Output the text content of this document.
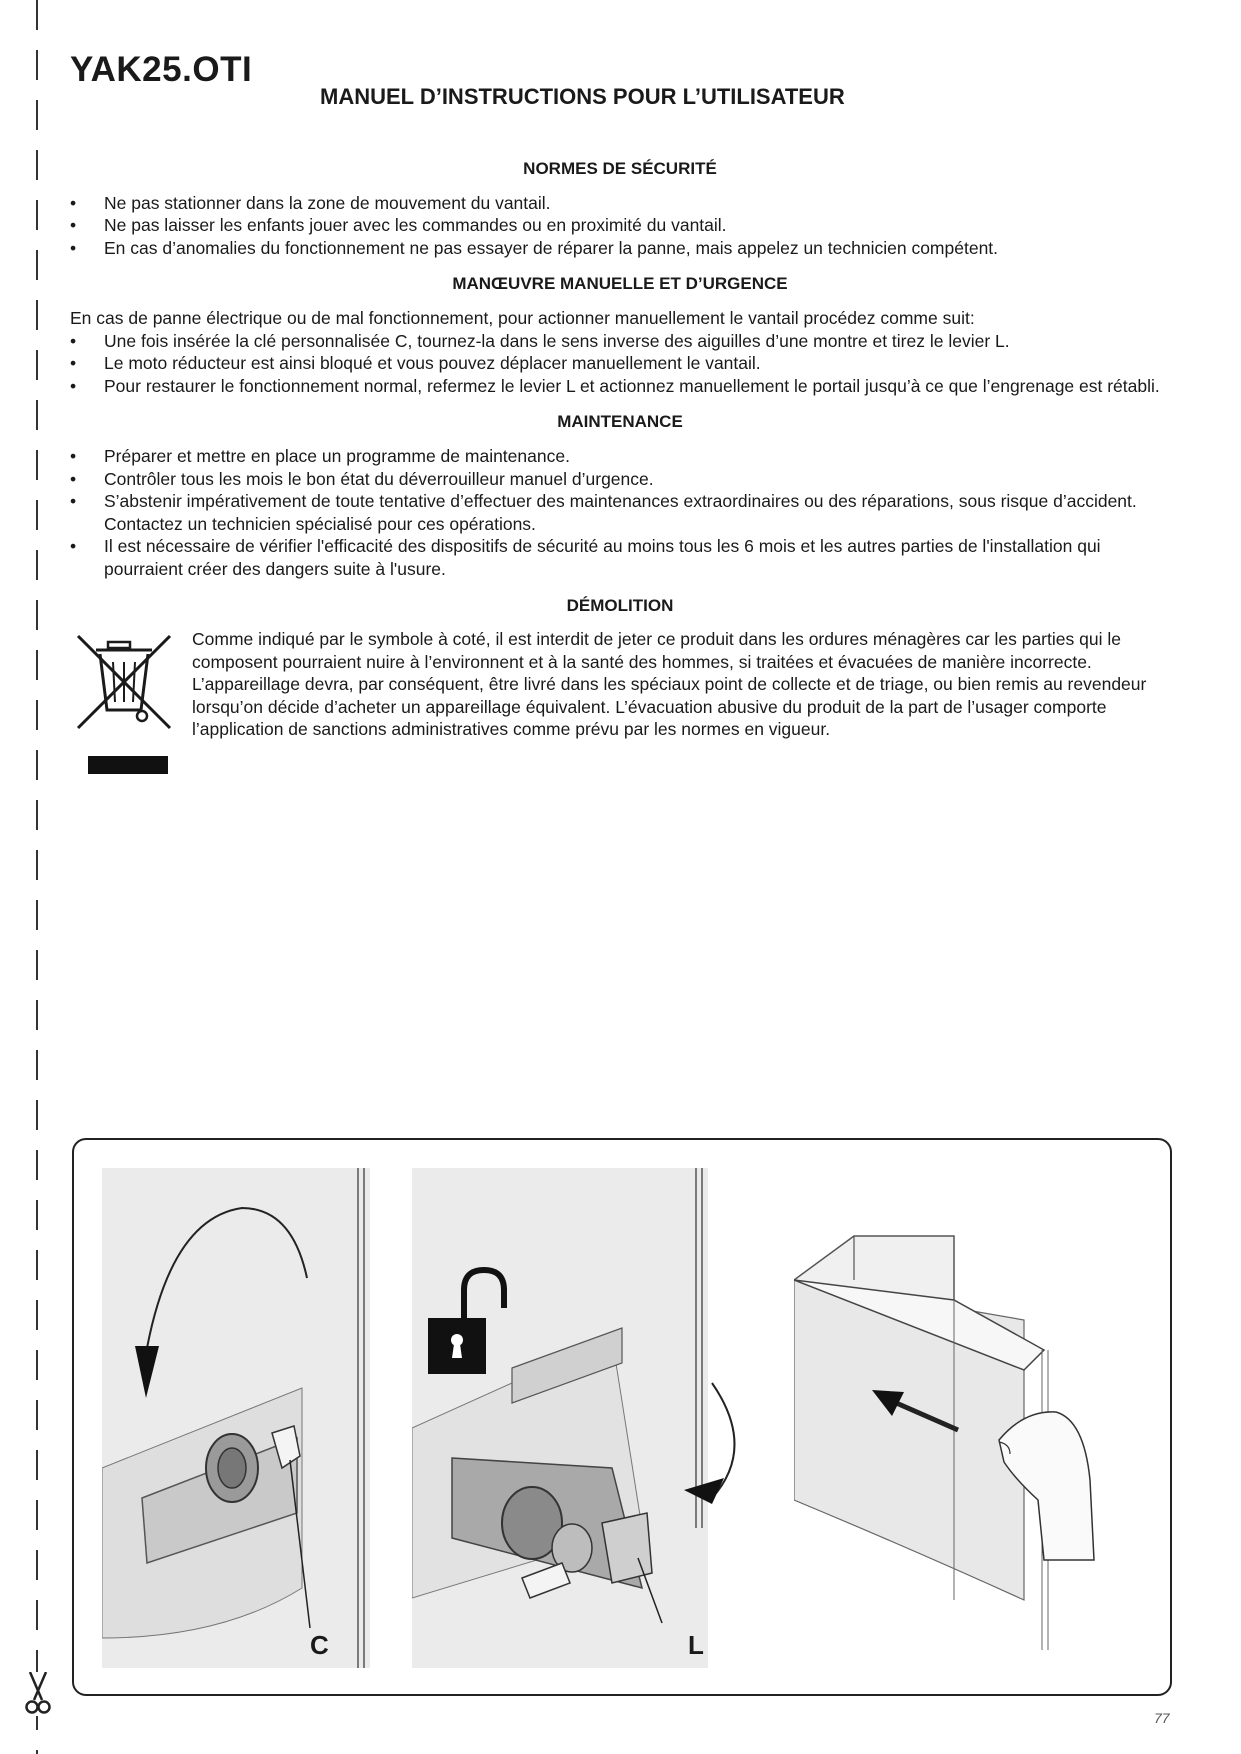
YAK25.OTI
MANUEL D’INSTRUCTIONS POUR L’UTILISATEUR
NORMES DE SÉCURITÉ
• Ne pas stationner dans la zone de mouvement du vantail.
• Ne pas laisser les enfants jouer avec les commandes ou en proximité du vantail.
• En cas d’anomalies du fonctionnement ne pas essayer de réparer la panne, mais appelez un technicien compétent.
MANŒUVRE MANUELLE ET D’URGENCE

En cas de panne électrique ou de mal fonctionnement, pour actionner manuellement le vantail procédez comme suit:

• Une fois insérée la clé personnalisée C, tournez-la dans le sens inverse des aiguilles d’une montre et tirez le levier L.
• Le moto réducteur est ainsi bloqué et vous pouvez déplacer manuellement le vantail.
• Pour restaurer le fonctionnement normal, refermez le levier L et actionnez manuellement le portail jusqu’à ce que l’engrenage est rétabli.
MAINTENANCE
• Préparer et mettre en place un programme de maintenance.
• Contrôler tous les mois le bon état du déverrouilleur manuel d’urgence.
• S’abstenir impérativement de toute tentative d’effectuer des maintenances extraordinaires ou des réparations, sous risque d’accident. Contactez un technicien spécialisé pour ces opérations.
• Il est nécessaire de vérifier l'efficacité des dispositifs de sécurité au moins tous les 6 mois et les autres parties de l'installation qui pourraient créer des dangers suite à l'usure.
DÉMOLITION

Comme indiqué par le symbole à coté, il est interdit de jeter ce produit dans les ordures ménagères car les parties qui le composent pourraient nuire à l’environnent et à la santé des hommes, si traitées et évacuées de manière incorrecte. L’appareillage devra, par conséquent, être livré dans les spéciaux point de collecte et de triage, ou bien remis au revendeur lorsqu’on décide d’acheter un appareillage équivalent. L’évacuation abusive du produit de la part de l’usager comporte l’application de sanctions administratives comme prévu par les normes en vigueur.

C	L
77
